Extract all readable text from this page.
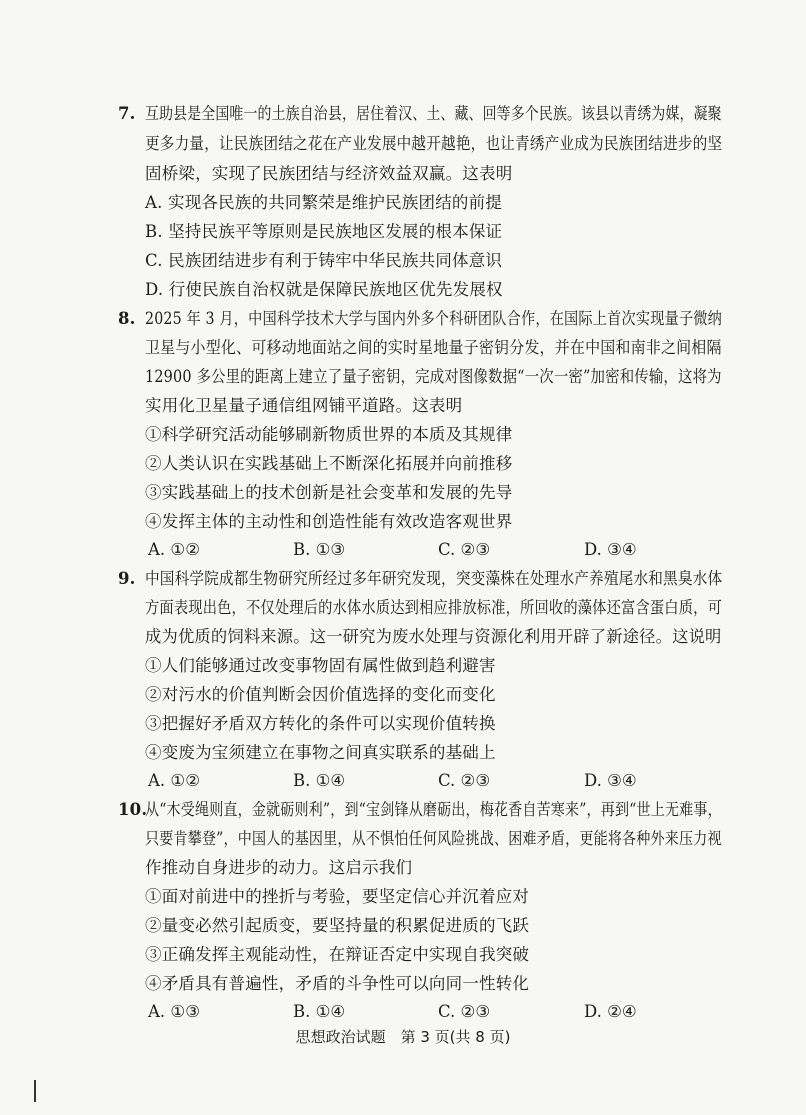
7. 互助县是全国唯一的土族自治县，居住着汉、土、藏、回等多个民族。该县以青绣为媒，凝聚
更多力量，让民族团结之花在产业发展中越开越艳，也让青绣产业成为民族团结进步的坚
固桥梁，实现了民族团结与经济效益双赢。这表明
A. 实现各民族的共同繁荣是维护民族团结的前提
B. 坚持民族平等原则是民族地区发展的根本保证
C. 民族团结进步有利于铸牢中华民族共同体意识
D. 行使民族自治权就是保障民族地区优先发展权
8. 2025 年 3 月，中国科学技术大学与国内外多个科研团队合作，在国际上首次实现量子微纳
卫星与小型化、可移动地面站之间的实时星地量子密钥分发，并在中国和南非之间相隔
12900 多公里的距离上建立了量子密钥，完成对图像数据“一次一密”加密和传输，这将为
实用化卫星量子通信组网铺平道路。这表明
①科学研究活动能够刷新物质世界的本质及其规律
②人类认识在实践基础上不断深化拓展并向前推移
③实践基础上的技术创新是社会变革和发展的先导
④发挥主体的主动性和创造性能有效改造客观世界
A. ①②	B. ①③	C. ②③	D. ③④
9. 中国科学院成都生物研究所经过多年研究发现，突变藻株在处理水产养殖尾水和黑臭水体
方面表现出色，不仅处理后的水体水质达到相应排放标准，所回收的藻体还富含蛋白质，可
成为优质的饲料来源。这一研究为废水处理与资源化利用开辟了新途径。这说明
①人们能够通过改变事物固有属性做到趋利避害
②对污水的价值判断会因价值选择的变化而变化
③把握好矛盾双方转化的条件可以实现价值转换
④变废为宝须建立在事物之间真实联系的基础上
A. ①②	B. ①④	C. ②③	D. ③④
10.
从“木受绳则直，金就砺则利”，到“宝剑锋从磨砺出，梅花香自苦寒来”，再到“世上无难事，
只要肯攀登”，中国人的基因里，从不惧怕任何风险挑战、困难矛盾，更能将各种外来压力视
作推动自身进步的动力。这启示我们
①面对前进中的挫折与考验，要坚定信心并沉着应对
②量变必然引起质变，要坚持量的积累促进质的飞跃
③正确发挥主观能动性，在辩证否定中实现自我突破
④矛盾具有普遍性，矛盾的斗争性可以向同一性转化
A. ①③	B. ①④	C. ②③	D. ②④
思想政治试题　第 3 页(共 8 页)
